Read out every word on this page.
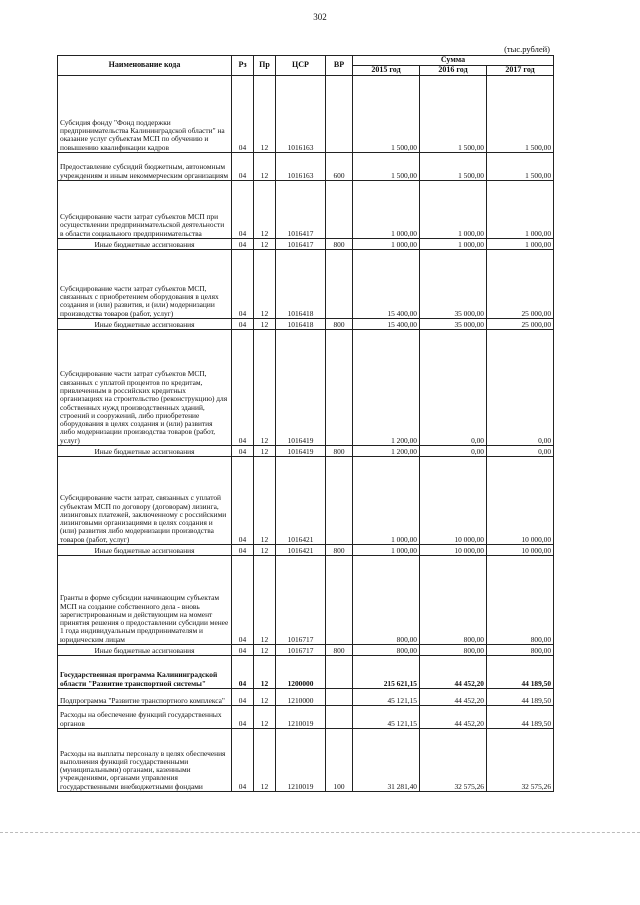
302
(тыс.рублей)
Наименование кода	Рз	Пр	ЦСР	ВР	Сумма		
					2015 год	2016 год	2017 год
Субсидия фонду "Фонд поддержки предпринимательства Калининградской области" на оказание услуг субъектам МСП по обучению и повышению квалификации кадров	04	12	1016163		1 500,00	1 500,00	1 500,00
Предоставление субсидий бюджетным, автономным учреждениям и иным некоммерческим организациям	04	12	1016163	600	1 500,00	1 500,00	1 500,00
Субсидирование части затрат субъектов МСП при осуществлении предпринимательской деятельности в области социального предпринимательства	04	12	1016417		1 000,00	1 000,00	1 000,00
Иные бюджетные ассигнования	04	12	1016417	800	1 000,00	1 000,00	1 000,00
Субсидирование части затрат субъектов МСП, связанных с приобретением оборудования в целях создания и (или) развития, и (или) модернизации производства товаров (работ, услуг)	04	12	1016418		15 400,00	35 000,00	25 000,00
Иные бюджетные ассигнования	04	12	1016418	800	15 400,00	35 000,00	25 000,00
Субсидирование части затрат субъектов МСП, связанных с уплатой процентов по кредитам, привлеченным в российских кредитных организациях на строительство (реконструкцию) для собственных нужд производственных зданий, строений и сооружений, либо приобретение оборудования в целях создания и (или) развития либо модернизации производства товаров (работ, услуг)	04	12	1016419		1 200,00	0,00	0,00
Иные бюджетные ассигнования	04	12	1016419	800	1 200,00	0,00	0,00
Субсидирование части затрат, связанных с уплатой субъектам МСП по договору (договорам) лизинга, лизинговых платежей, заключенному с российскими лизинговыми организациями в целях создания и (или) развития либо модернизации производства товаров (работ, услуг)	04	12	1016421		1 000,00	10 000,00	10 000,00
Иные бюджетные ассигнования	04	12	1016421	800	1 000,00	10 000,00	10 000,00
Гранты в форме субсидии начинающим субъектам МСП на создание собственного дела - вновь зарегистрированным и действующим на момент принятия решения о предоставлении субсидии менее 1 года индивидуальным предпринимателям и юридическим лицам	04	12	1016717		800,00	800,00	800,00
Иные бюджетные ассигнования	04	12	1016717	800	800,00	800,00	800,00
Государственная программа Калининградской области "Развитие транспортной системы"	04	12	1200000		215 621,15	44 452,20	44 189,50
Подпрограмма "Развитие транспортного комплекса"	04	12	1210000		45 121,15	44 452,20	44 189,50
Расходы на обеспечение функций государственных органов	04	12	1210019		45 121,15	44 452,20	44 189,50
Расходы на выплаты персоналу в целях обеспечения выполнения функций государственными (муниципальными) органами, казенными учреждениями, органами управления государственными внебюджетными фондами	04	12	1210019	100	31 281,40	32 575,26	32 575,26
